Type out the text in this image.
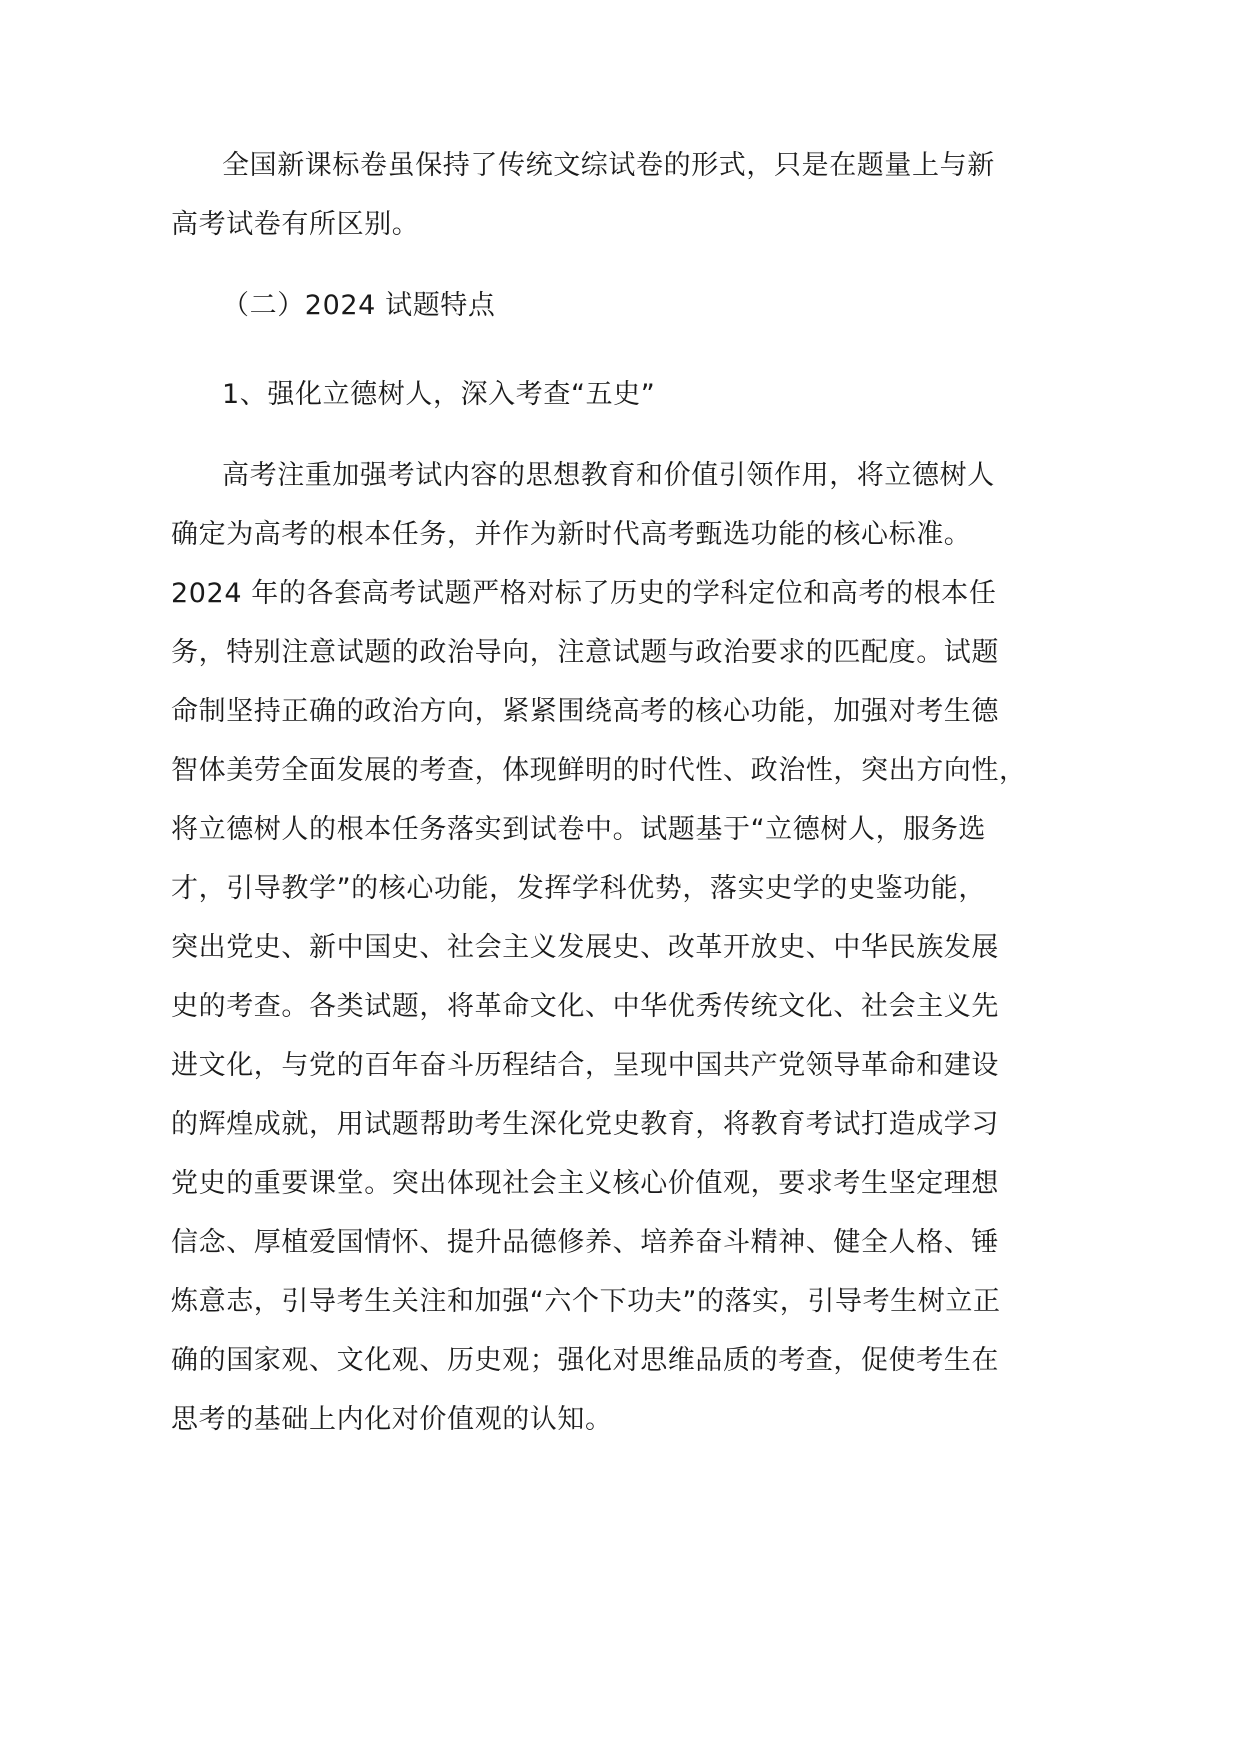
全国新课标卷虽保持了传统文综试卷的形式，只是在题量上与新
高考试卷有所区别。
（二）2024 试题特点
1、强化立德树人，深入考查“五史”
高考注重加强考试内容的思想教育和价值引领作用，将立德树人
确定为高考的根本任务，并作为新时代高考甄选功能的核心标准。
2024 年的各套高考试题严格对标了历史的学科定位和高考的根本任
务，特别注意试题的政治导向，注意试题与政治要求的匹配度。试题
命制坚持正确的政治方向，紧紧围绕高考的核心功能，加强对考生德
智体美劳全面发展的考查，体现鲜明的时代性、政治性，突出方向性，
将立德树人的根本任务落实到试卷中。试题基于“立德树人，服务选
才，引导教学”的核心功能，发挥学科优势，落实史学的史鉴功能，
突出党史、新中国史、社会主义发展史、改革开放史、中华民族发展
史的考查。各类试题，将革命文化、中华优秀传统文化、社会主义先
进文化，与党的百年奋斗历程结合，呈现中国共产党领导革命和建设
的辉煌成就，用试题帮助考生深化党史教育，将教育考试打造成学习
党史的重要课堂。突出体现社会主义核心价值观，要求考生坚定理想
信念、厚植爱国情怀、提升品德修养、培养奋斗精神、健全人格、锤
炼意志，引导考生关注和加强“六个下功夫”的落实，引导考生树立正
确的国家观、文化观、历史观；强化对思维品质的考查，促使考生在
思考的基础上内化对价值观的认知。
